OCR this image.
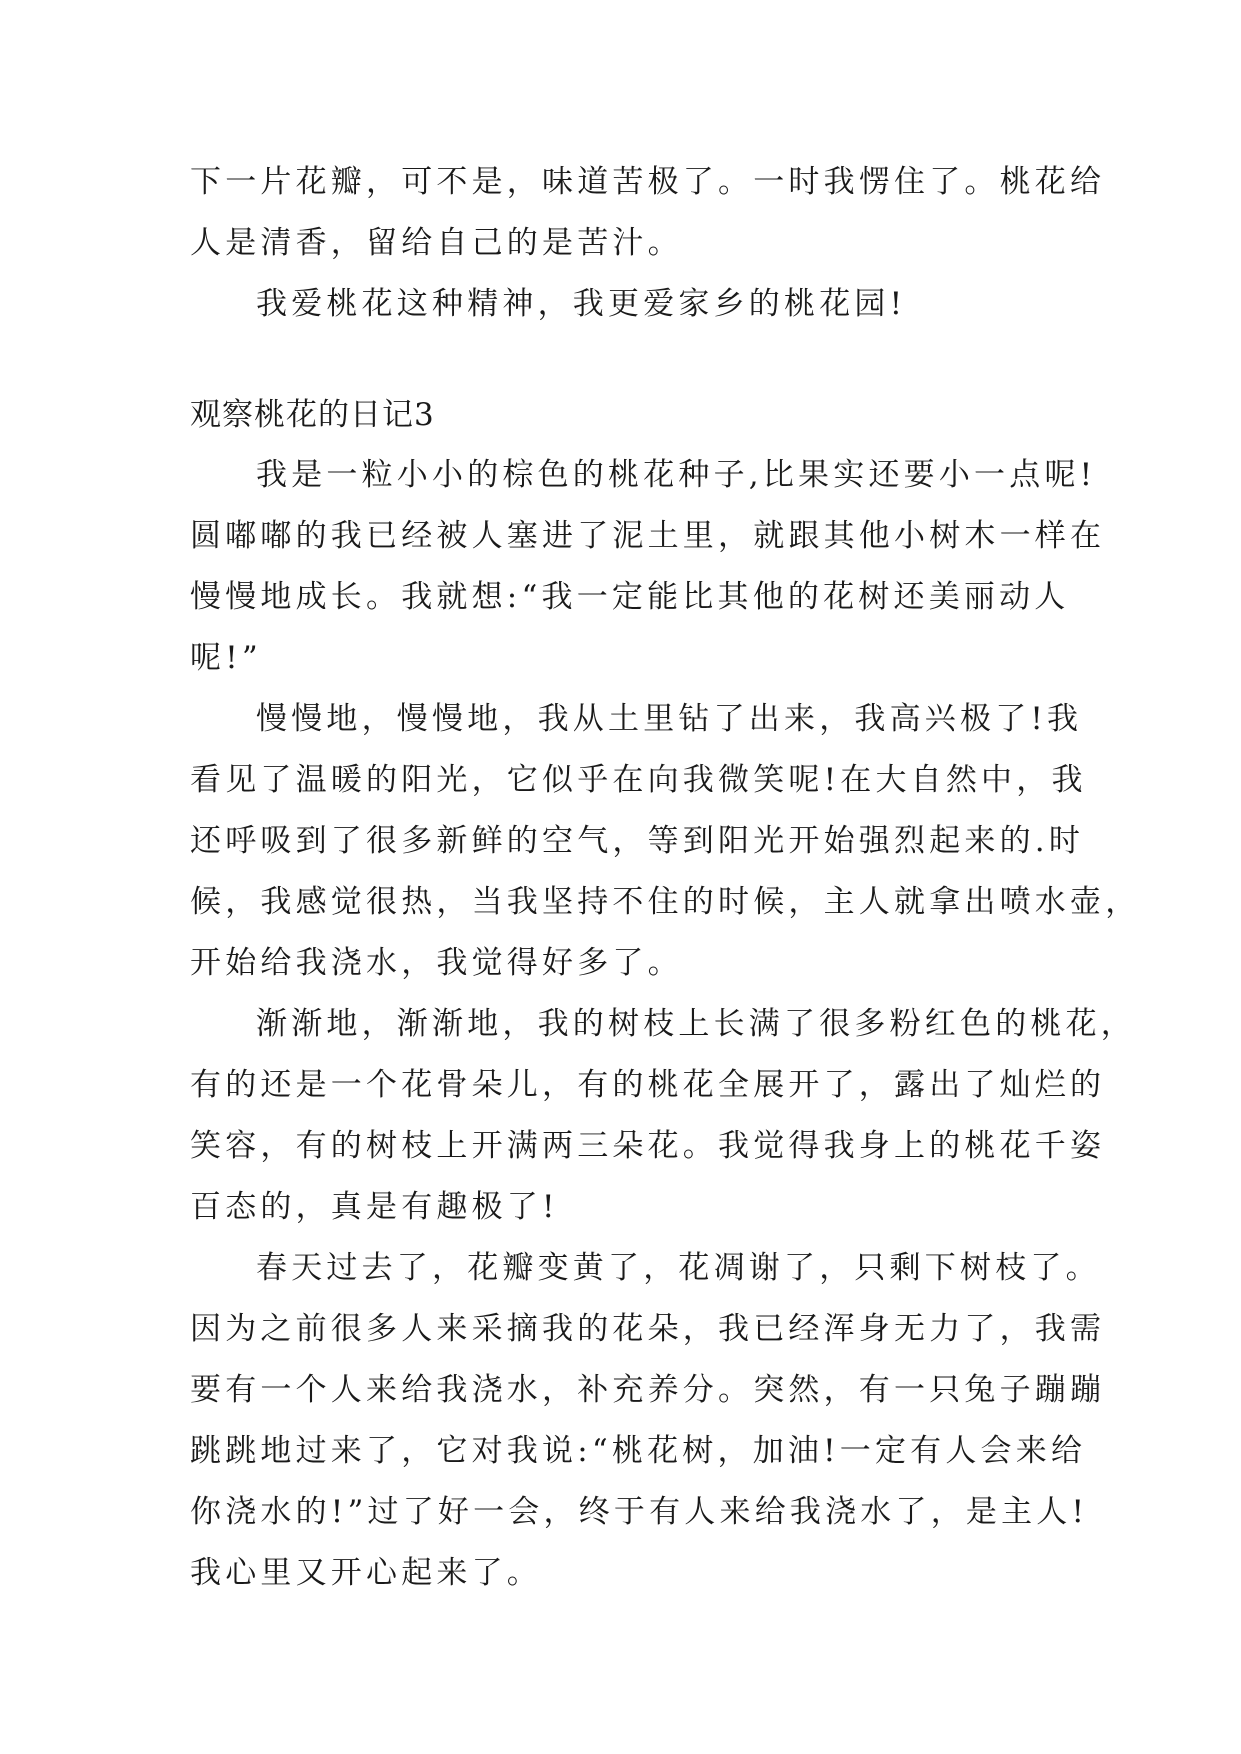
下一片花瓣，可不是，味道苦极了。一时我愣住了。桃花给

人是清香，留给自己的是苦汁。

我爱桃花这种精神，我更爱家乡的桃花园!

观察桃花的日记3

我是一粒小小的棕色的桃花种子,比果实还要小一点呢!

圆嘟嘟的我已经被人塞进了泥土里，就跟其他小树木一样在

慢慢地成长。我就想:“我一定能比其他的花树还美丽动人

呢!”

慢慢地，慢慢地，我从土里钻了出来，我高兴极了!我

看见了温暖的阳光，它似乎在向我微笑呢!在大自然中，我

还呼吸到了很多新鲜的空气，等到阳光开始强烈起来的.时

候，我感觉很热，当我坚持不住的时候，主人就拿出喷水壶，

开始给我浇水，我觉得好多了。

渐渐地，渐渐地，我的树枝上长满了很多粉红色的桃花，

有的还是一个花骨朵儿，有的桃花全展开了，露出了灿烂的

笑容，有的树枝上开满两三朵花。我觉得我身上的桃花千姿

百态的，真是有趣极了!

春天过去了，花瓣变黄了，花凋谢了，只剩下树枝了。

因为之前很多人来采摘我的花朵，我已经浑身无力了，我需

要有一个人来给我浇水，补充养分。突然，有一只兔子蹦蹦

跳跳地过来了，它对我说:“桃花树，加油!一定有人会来给

你浇水的!”过了好一会，终于有人来给我浇水了，是主人!

我心里又开心起来了。
